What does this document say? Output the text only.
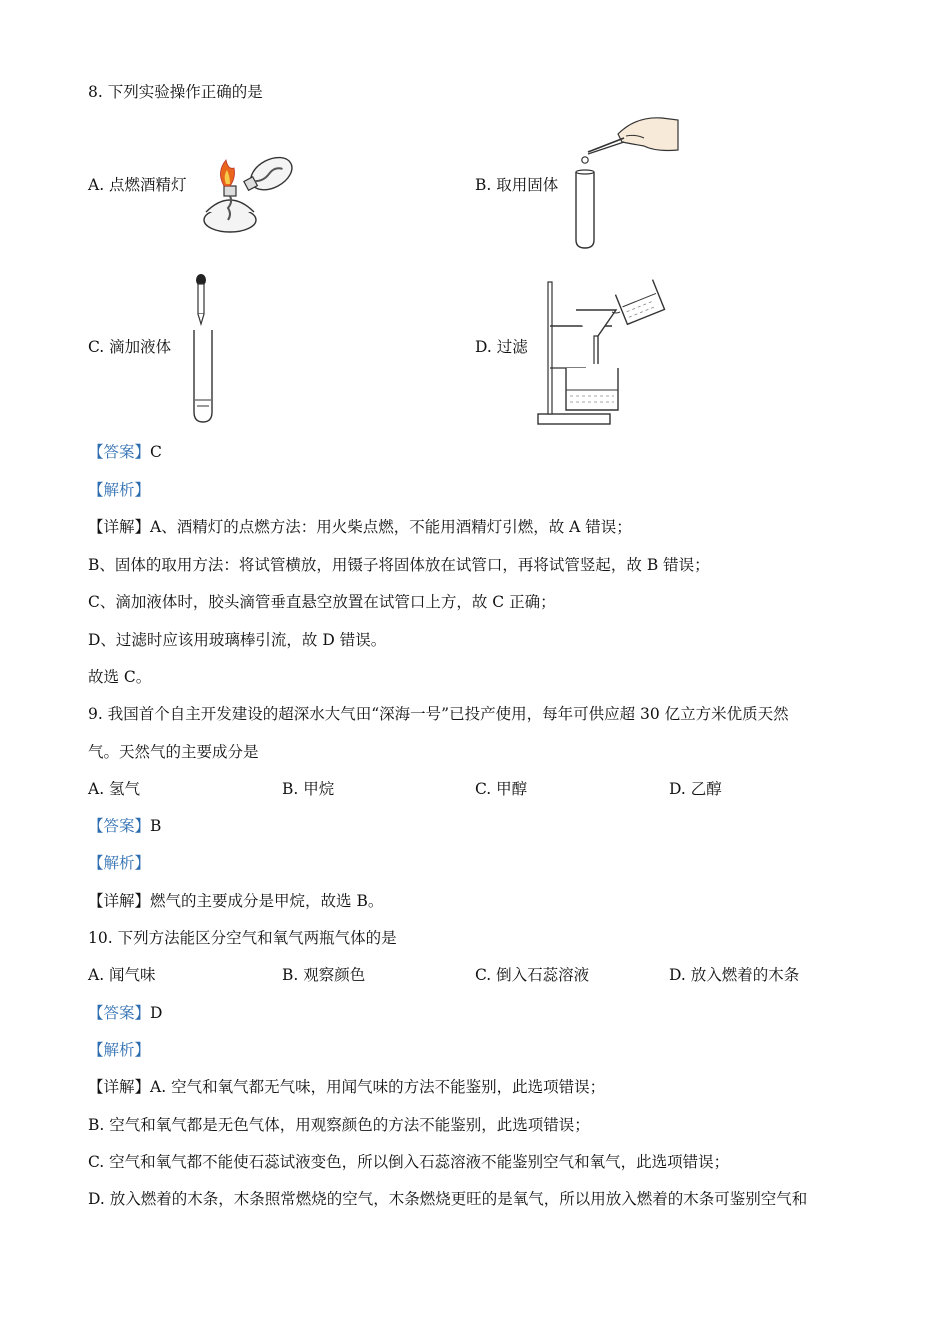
8. 下列实验操作正确的是
A. 点燃酒精灯	B. 取用固体
C. 滴加液体	D. 过滤
【答案】C
【解析】
【详解】A、酒精灯的点燃方法：用火柴点燃，不能用酒精灯引燃，故 A 错误；
B、固体的取用方法：将试管横放，用镊子将固体放在试管口，再将试管竖起，故 B 错误；
C、滴加液体时，胶头滴管垂直悬空放置在试管口上方，故 C 正确；
D、过滤时应该用玻璃棒引流，故 D 错误。
故选 C。
9. 我国首个自主开发建设的超深水大气田“深海一号”已投产使用，每年可供应超 30 亿立方米优质天然
气。天然气的主要成分是
A. 氢气	B. 甲烷	C. 甲醇	D. 乙醇
【答案】B
【解析】
【详解】燃气的主要成分是甲烷，故选 B。
10. 下列方法能区分空气和氧气两瓶气体的是
A. 闻气味	B. 观察颜色	C. 倒入石蕊溶液	D. 放入燃着的木条
【答案】D
【解析】
【详解】A. 空气和氧气都无气味，用闻气味的方法不能鉴别，此选项错误；
B. 空气和氧气都是无色气体，用观察颜色的方法不能鉴别，此选项错误；
C. 空气和氧气都不能使石蕊试液变色，所以倒入石蕊溶液不能鉴别空气和氧气，此选项错误；
D. 放入燃着的木条，木条照常燃烧的空气，木条燃烧更旺的是氧气，所以用放入燃着的木条可鉴别空气和
